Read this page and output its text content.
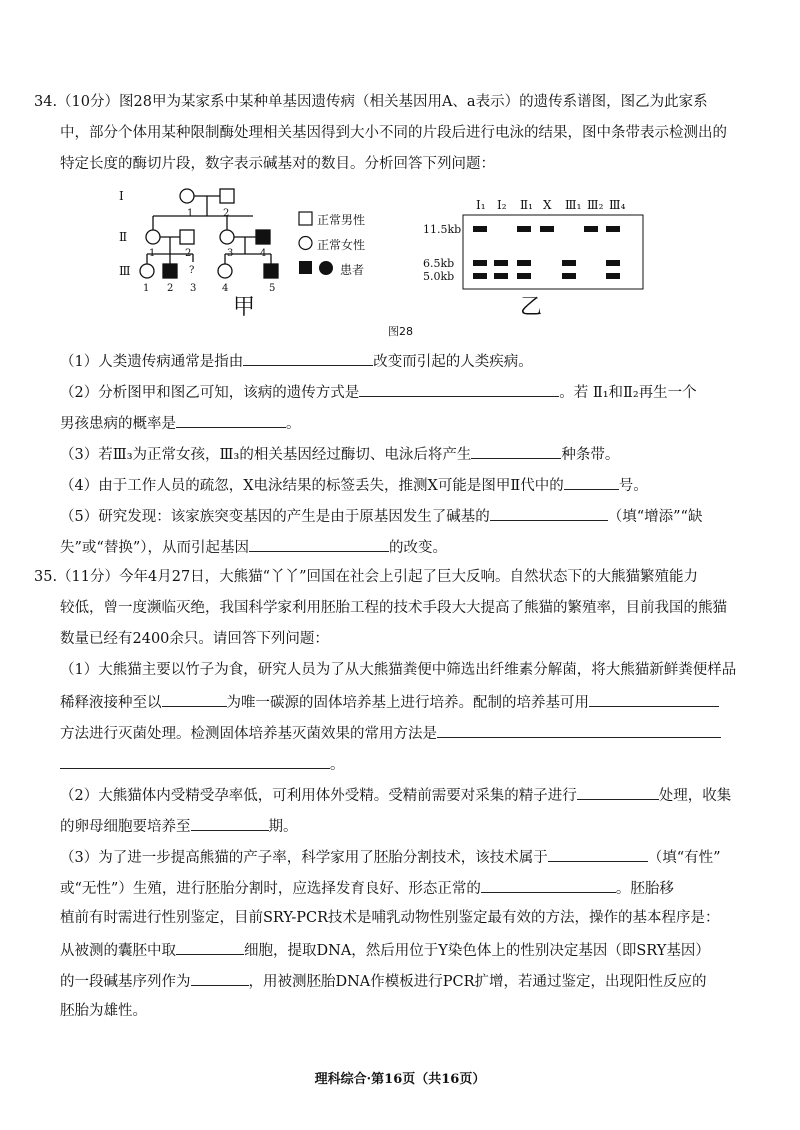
34.（10分）图28甲为某家系中某种单基因遗传病（相关基因用A、a表示）的遗传系谱图，图乙为此家系
中，部分个体用某种限制酶处理相关基因得到大小不同的片段后进行电泳的结果，图中条带表示检测出的
特定长度的酶切片段，数字表示碱基对的数目。分析回答下列问题：
Ⅰ
Ⅱ
Ⅲ
1	2
1	2	3	4
1 2 3	4	5
?
甲
正常男性
正常女性
患者
Ⅰ₁ Ⅰ₂ Ⅱ₁ X Ⅲ₁ Ⅲ₂ Ⅲ₄
11.5kb
6.5kb
5.0kb
乙
图28
（1）人类遗传病通常是指由	改变而引起的人类疾病。
（2）分析图甲和图乙可知，该病的遗传方式是	。若 Ⅱ₁和Ⅱ₂再生一个
男孩患病的概率是	。
（3）若Ⅲ₃为正常女孩，Ⅲ₃的相关基因经过酶切、电泳后将产生	种条带。
（4）由于工作人员的疏忽，X电泳结果的标签丢失，推测X可能是图甲Ⅱ代中的	号。
（5）研究发现：该家族突变基因的产生是由于原基因发生了碱基的	（填“增添”“缺
失”或“替换”），从而引起基因	的改变。
35.（11分）今年4月27日，大熊猫“丫丫”回国在社会上引起了巨大反响。自然状态下的大熊猫繁殖能力
较低，曾一度濒临灭绝，我国科学家利用胚胎工程的技术手段大大提高了熊猫的繁殖率，目前我国的熊猫
数量已经有2400余只。请回答下列问题：
（1）大熊猫主要以竹子为食，研究人员为了从大熊猫粪便中筛选出纤维素分解菌，将大熊猫新鲜粪便样品
稀释液接种至以	为唯一碳源的固体培养基上进行培养。配制的培养基可用
方法进行灭菌处理。检测固体培养基灭菌效果的常用方法是
。
（2）大熊猫体内受精受孕率低，可利用体外受精。受精前需要对采集的精子进行	处理，收集
的卵母细胞要培养至	期。
（3）为了进一步提高熊猫的产子率，科学家用了胚胎分割技术，该技术属于	（填“有性”
或“无性”）生殖，进行胚胎分割时，应选择发育良好、形态正常的	。胚胎移
植前有时需进行性别鉴定，目前SRY-PCR技术是哺乳动物性别鉴定最有效的方法，操作的基本程序是：
从被测的囊胚中取	细胞，提取DNA，然后用位于Y染色体上的性别决定基因（即SRY基因）
的一段碱基序列作为	，用被测胚胎DNA作模板进行PCR扩增，若通过鉴定，出现阳性反应的
胚胎为雄性。
理科综合·第16页（共16页）
